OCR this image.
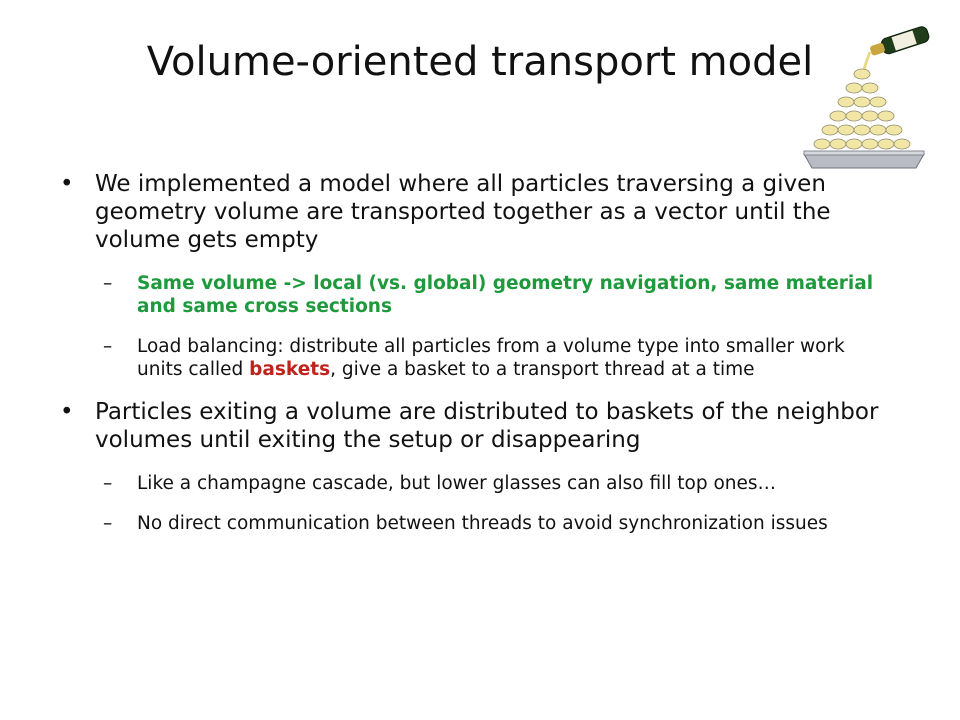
Volume-oriented transport model
• We implemented a model where all particles traversing a given geometry volume are transported together as a vector until the volume gets empty
– Same volume -> local (vs. global) geometry navigation, same material and same cross sections
– Load balancing: distribute all particles from a volume type into smaller work units called baskets, give a basket to a transport thread at a time
• Particles exiting a volume are distributed to baskets of the neighbor volumes until exiting the setup or disappearing
– Like a champagne cascade, but lower glasses can also fill top ones…
– No direct communication between threads to avoid synchronization issues
